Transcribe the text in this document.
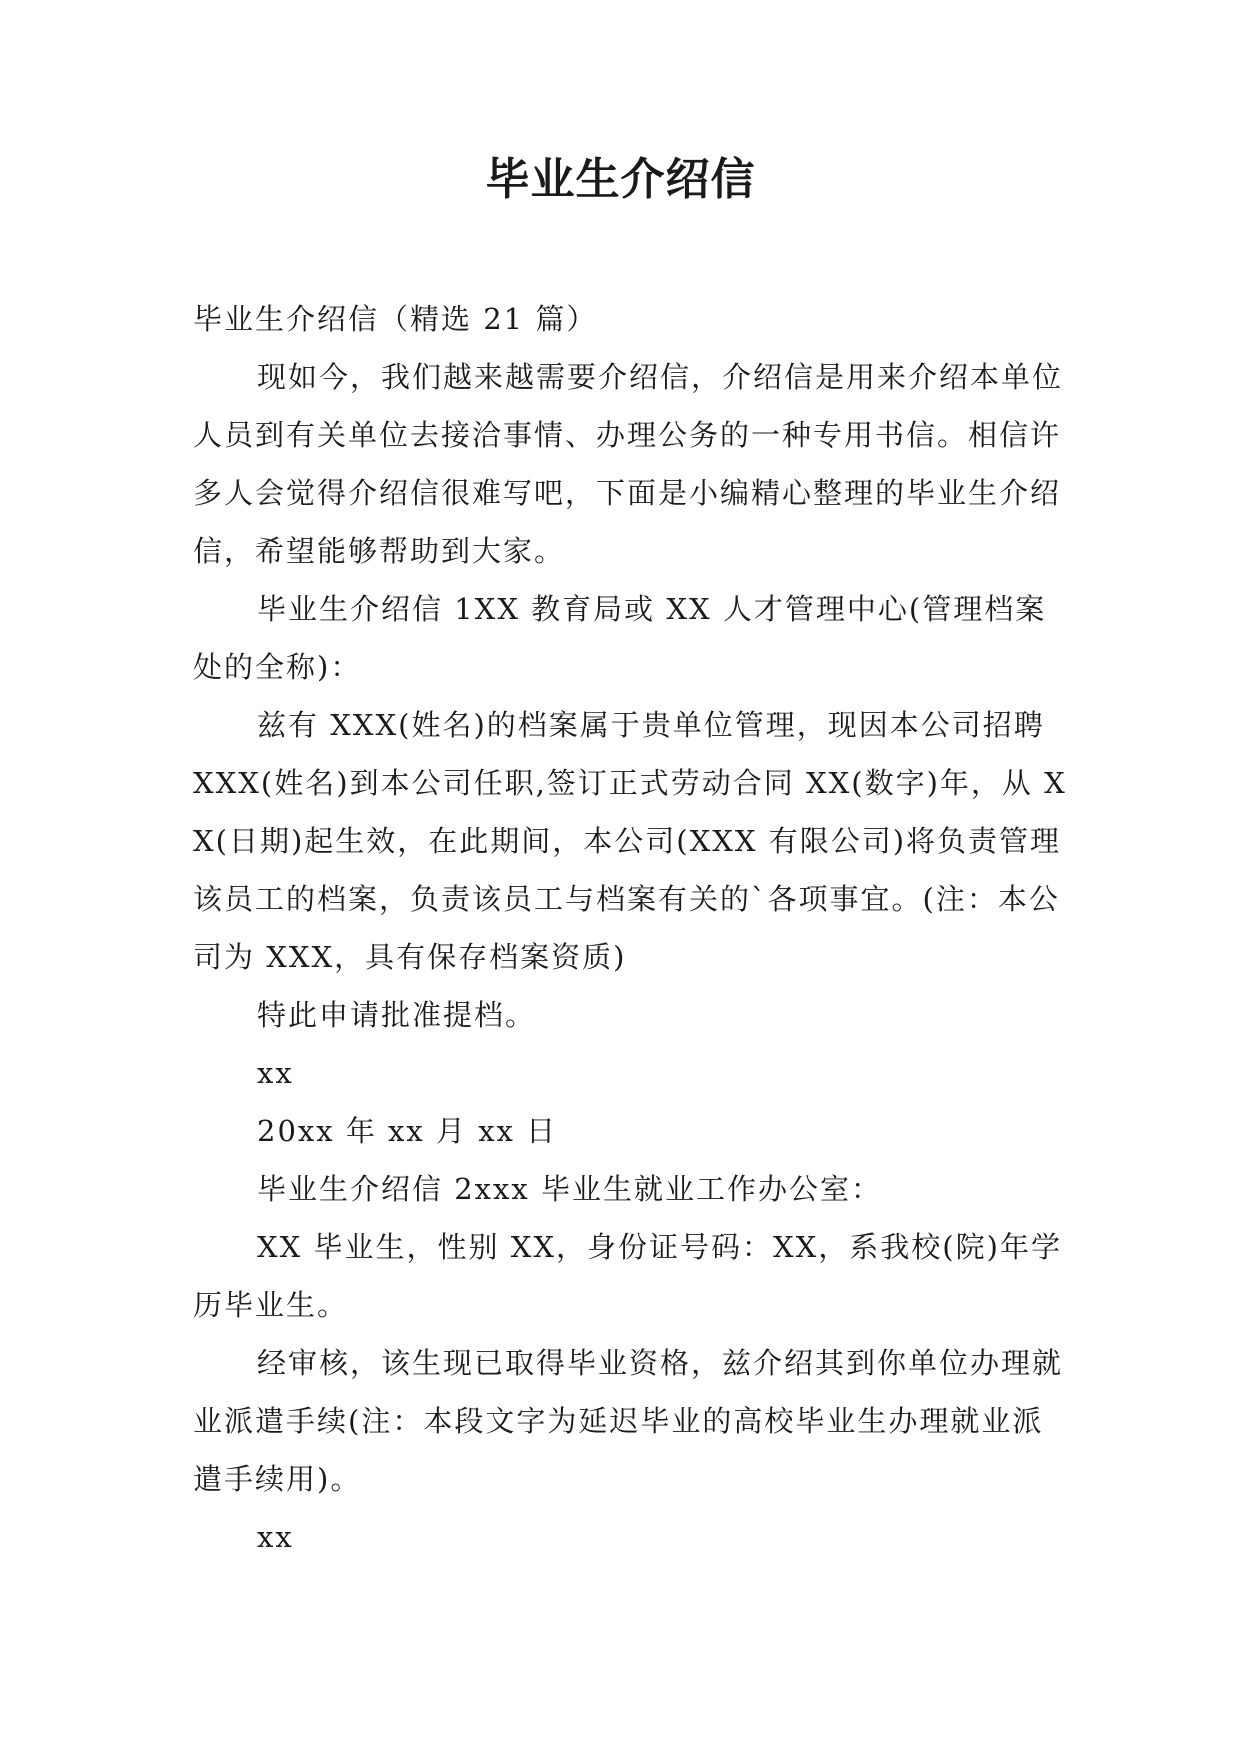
毕业生介绍信

毕业生介绍信（精选 21 篇）

现如今，我们越来越需要介绍信，介绍信是用来介绍本单位人员到有关单位去接洽事情、办理公务的一种专用书信。相信许多人会觉得介绍信很难写吧，下面是小编精心整理的毕业生介绍信，希望能够帮助到大家。

毕业生介绍信 1XX 教育局或 XX 人才管理中心(管理档案处的全称)：

兹有 XXX(姓名)的档案属于贵单位管理，现因本公司招聘 XXX(姓名)到本公司任职,签订正式劳动合同 XX(数字)年，从 XX(日期)起生效，在此期间，本公司(XXX 有限公司)将负责管理该员工的档案，负责该员工与档案有关的`各项事宜。(注：本公司为 XXX，具有保存档案资质)

特此申请批准提档。

xx

20xx 年 xx 月 xx 日

毕业生介绍信 2xxx 毕业生就业工作办公室：

XX 毕业生，性别 XX，身份证号码：XX，系我校(院)年学历毕业生。

经审核，该生现已取得毕业资格，兹介绍其到你单位办理就业派遣手续(注：本段文字为延迟毕业的高校毕业生办理就业派遣手续用)。

xx
